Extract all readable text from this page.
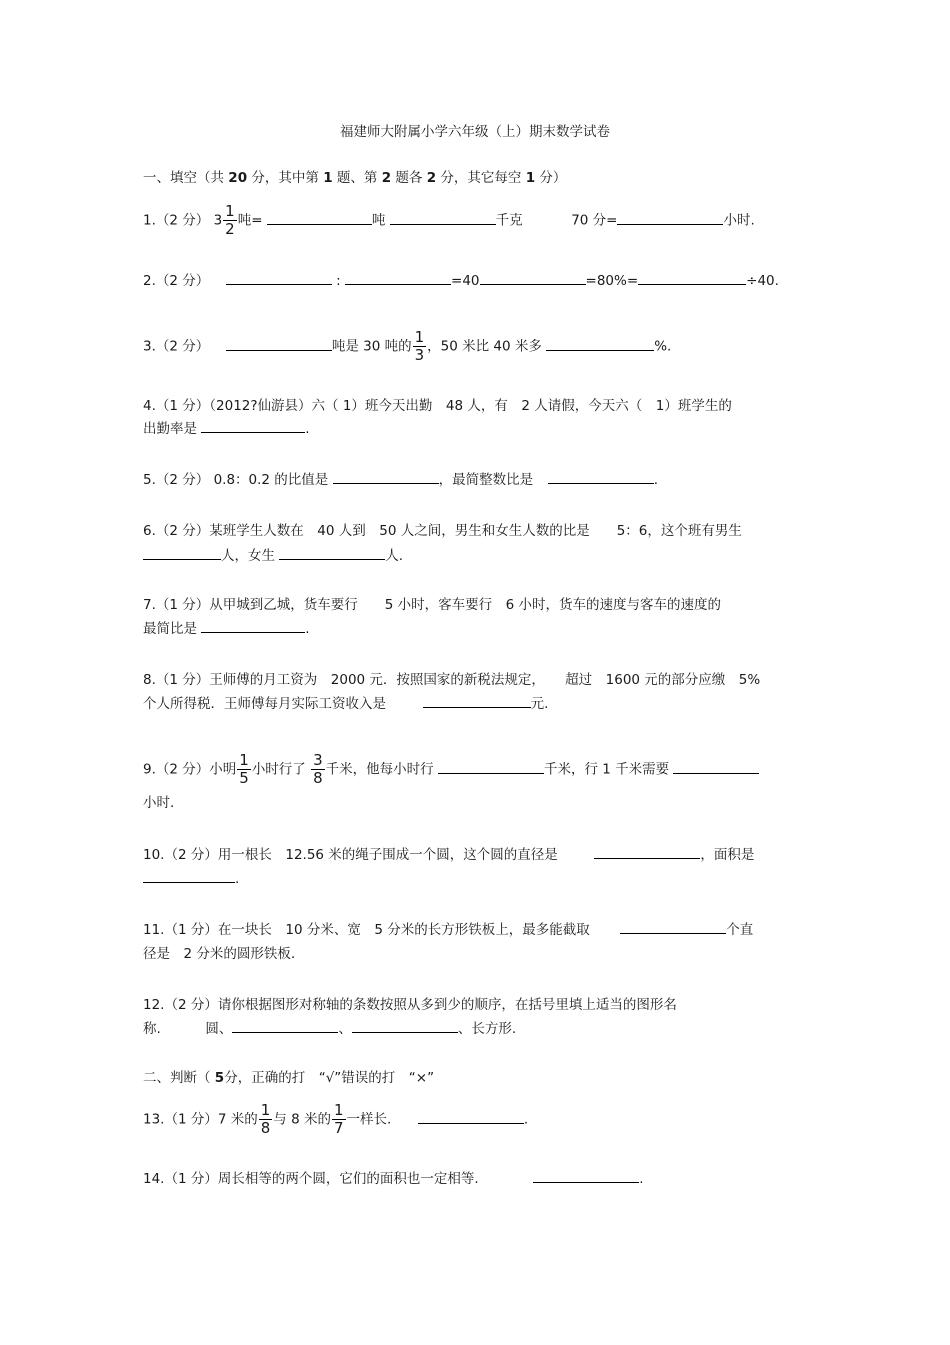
福建师大附属小学六年级（上）期末数学试卷
一、填空（共 20 分，其中第 1 题、第 2 题各 2 分，其它每空 1 分）
1.（2 分） $3 \frac{1}{2}$ 吨=	吨	千克	70 分=	小时.
2.（2 分）	:	=40	=80%=	÷40.
3.（2 分）	吨是 30 吨的 $\frac{1}{3}$ ，50 米比 40 米多	%.
4.（1 分）（2012?仙游县）六（ 1）班今天出勤　48 人，有　2 人请假，今天六（　1）班学生的
出勤率是	.
5.（2 分） 0.8：0.2 的比值是	，最简整数比是	.
6.（2 分）某班学生人数在　40 人到　50 人之间，男生和女生人数的比是　　5：6，这个班有男生
人，女生	人.
7.（1 分）从甲城到乙城，货车要行　　5 小时，客车要行　6 小时，货车的速度与客车的速度的
最简比是	.
8.（1 分）王师傅的月工资为　2000 元．按照国家的新税法规定，　　超过　1600 元的部分应缴　5%
个人所得税．王师傅每月实际工资收入是	元.
9.（2 分）小明 $\frac{1}{5}$ 小时行了 $\frac{3}{8}$ 千米，他每小时行	千米，行 1 千米需要
小时.
10.（2 分）用一根长　12.56 米的绳子围成一个圆，这个圆的直径是	，面积是
.
11.（1 分）在一块长　10 分米、宽　5 分米的长方形铁板上，最多能截取	个直
径是　2 分米的圆形铁板.
12.（2 分）请你根据图形对称轴的条数按照从多到少的顺序，在括号里填上适当的图形名
称.	圆、	、	、长方形.
二、判断（ 5分，正确的打　“√”错误的打　“×”
13.（1 分）7 米的 $\frac{1}{8}$ 与 8 米的 $\frac{1}{7}$ 一样长.	.
14.（1 分）周长相等的两个圆，它们的面积也一定相等.	.
